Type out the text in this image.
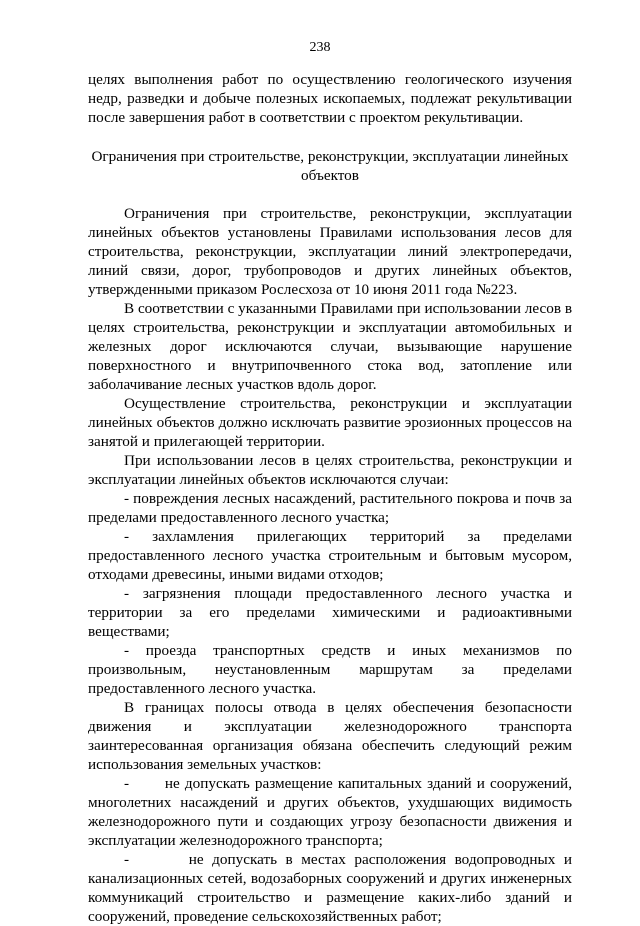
238

целях выполнения работ по осуществлению геологического изучения недр, разведки и добыче полезных ископаемых, подлежат рекультивации после завершения работ в соответствии с проектом рекультивации.

Ограничения при строительстве, реконструкции, эксплуатации линейных объектов

Ограничения при строительстве, реконструкции, эксплуатации линейных объектов установлены Правилами использования лесов для строительства, реконструкции, эксплуатации линий электропередачи, линий связи, дорог, трубопроводов и других линейных объектов, утвержденными приказом Рослесхоза от 10 июня 2011 года №223.

В соответствии с указанными Правилами при использовании лесов в целях строительства, реконструкции и эксплуатации автомобильных и железных дорог исключаются случаи, вызывающие нарушение поверхностного и внутрипочвенного стока вод, затопление или заболачивание лесных участков вдоль дорог.

Осуществление строительства, реконструкции и эксплуатации линейных объектов должно исключать развитие эрозионных процессов на занятой и прилегающей территории.

При использовании лесов в целях строительства, реконструкции и эксплуатации линейных объектов исключаются случаи:

- повреждения лесных насаждений, растительного покрова и почв за пределами предоставленного лесного участка;

- захламления прилегающих территорий за пределами предоставленного лесного участка строительным и бытовым мусором, отходами древесины, иными видами отходов;

- загрязнения площади предоставленного лесного участка и территории за его пределами химическими и радиоактивными веществами;

- проезда транспортных средств и иных механизмов по произвольным, неустановленным маршрутам за пределами предоставленного лесного участка.

В границах полосы отвода в целях обеспечения безопасности движения и эксплуатации железнодорожного транспорта заинтересованная организация обязана обеспечить следующий режим использования земельных участков:

-       не допускать размещение капитальных зданий и сооружений, многолетних насаждений и других объектов, ухудшающих видимость железнодорожного пути и создающих угрозу безопасности движения и эксплуатации железнодорожного транспорта;

-       не допускать в местах расположения водопроводных и канализационных сетей, водозаборных сооружений и других инженерных коммуникаций строительство и размещение каких-либо зданий и сооружений, проведение сельскохозяйственных работ;
